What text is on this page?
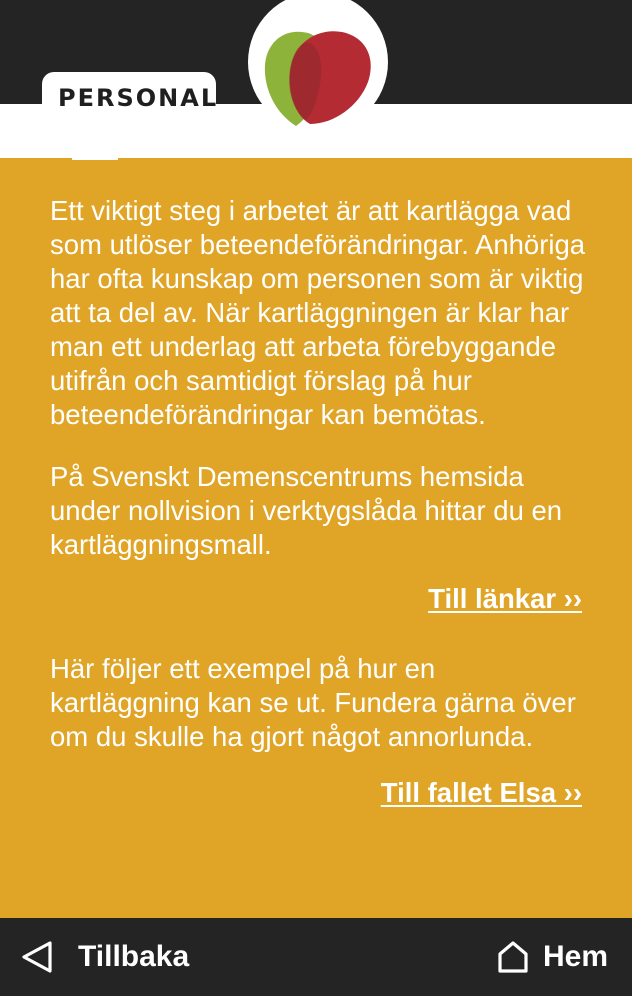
PERSONAL

Ett viktigt steg i arbetet är att kartlägga vad som utlöser beteendeförändringar. Anhöriga har ofta kunskap om personen som är viktig att ta del av. När kartläggningen är klar har man ett underlag att arbeta förebyggande utifrån och samtidigt förslag på hur beteendeförändringar kan bemötas.

På Svenskt Demenscentrums hemsida under nollvision i verktygslåda hittar du en kartläggningsmall.

Till länkar ››

Här följer ett exempel på hur en kartläggning kan se ut. Fundera gärna över om du skulle ha gjort något annorlunda.

Till fallet Elsa ››
Tillbaka	Hem
